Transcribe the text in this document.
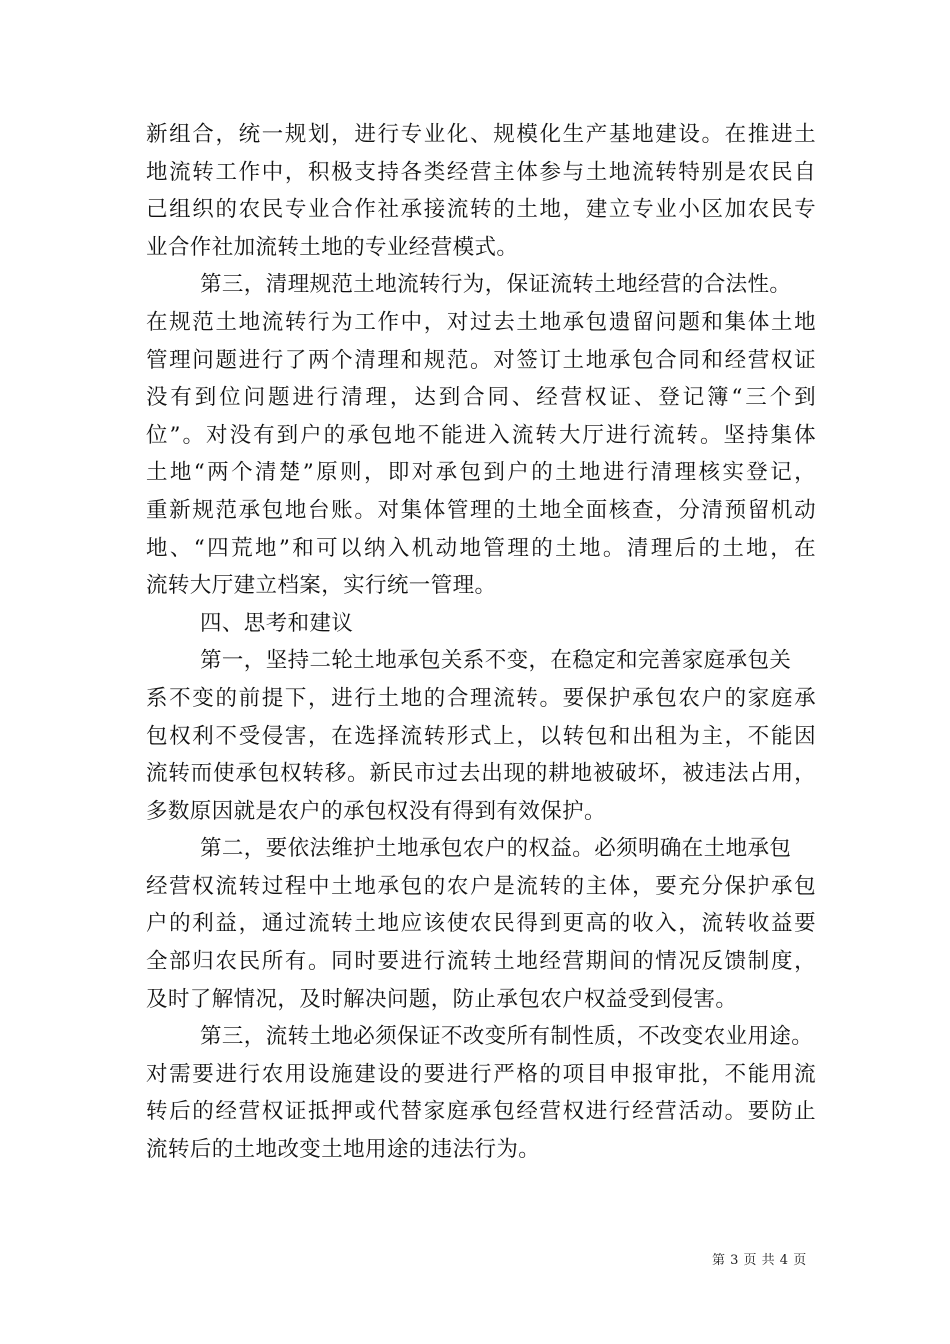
新组合，统一规划，进行专业化、规模化生产基地建设。在推进土
地流转工作中，积极支持各类经营主体参与土地流转特别是农民自
己组织的农民专业合作社承接流转的土地，建立专业小区加农民专
业合作社加流转土地的专业经营模式。
第三，清理规范土地流转行为，保证流转土地经营的合法性。
在规范土地流转行为工作中，对过去土地承包遗留问题和集体土地
管理问题进行了两个清理和规范。对签订土地承包合同和经营权证
没有到位问题进行清理，达到合同、经营权证、登记簿“三个到
位”。对没有到户的承包地不能进入流转大厅进行流转。坚持集体
土地“两个清楚”原则，即对承包到户的土地进行清理核实登记，
重新规范承包地台账。对集体管理的土地全面核查，分清预留机动
地、“四荒地”和可以纳入机动地管理的土地。清理后的土地，在
流转大厅建立档案，实行统一管理。
四、思考和建议
第一，坚持二轮土地承包关系不变，在稳定和完善家庭承包关
系不变的前提下，进行土地的合理流转。要保护承包农户的家庭承
包权利不受侵害，在选择流转形式上，以转包和出租为主，不能因
流转而使承包权转移。新民市过去出现的耕地被破坏，被违法占用，
多数原因就是农户的承包权没有得到有效保护。
第二，要依法维护土地承包农户的权益。必须明确在土地承包
经营权流转过程中土地承包的农户是流转的主体，要充分保护承包
户的利益，通过流转土地应该使农民得到更高的收入，流转收益要
全部归农民所有。同时要进行流转土地经营期间的情况反馈制度，
及时了解情况，及时解决问题，防止承包农户权益受到侵害。
第三，流转土地必须保证不改变所有制性质，不改变农业用途。
对需要进行农用设施建设的要进行严格的项目申报审批，不能用流
转后的经营权证抵押或代替家庭承包经营权进行经营活动。要防止
流转后的土地改变土地用途的违法行为。
第 3 页 共 4 页
